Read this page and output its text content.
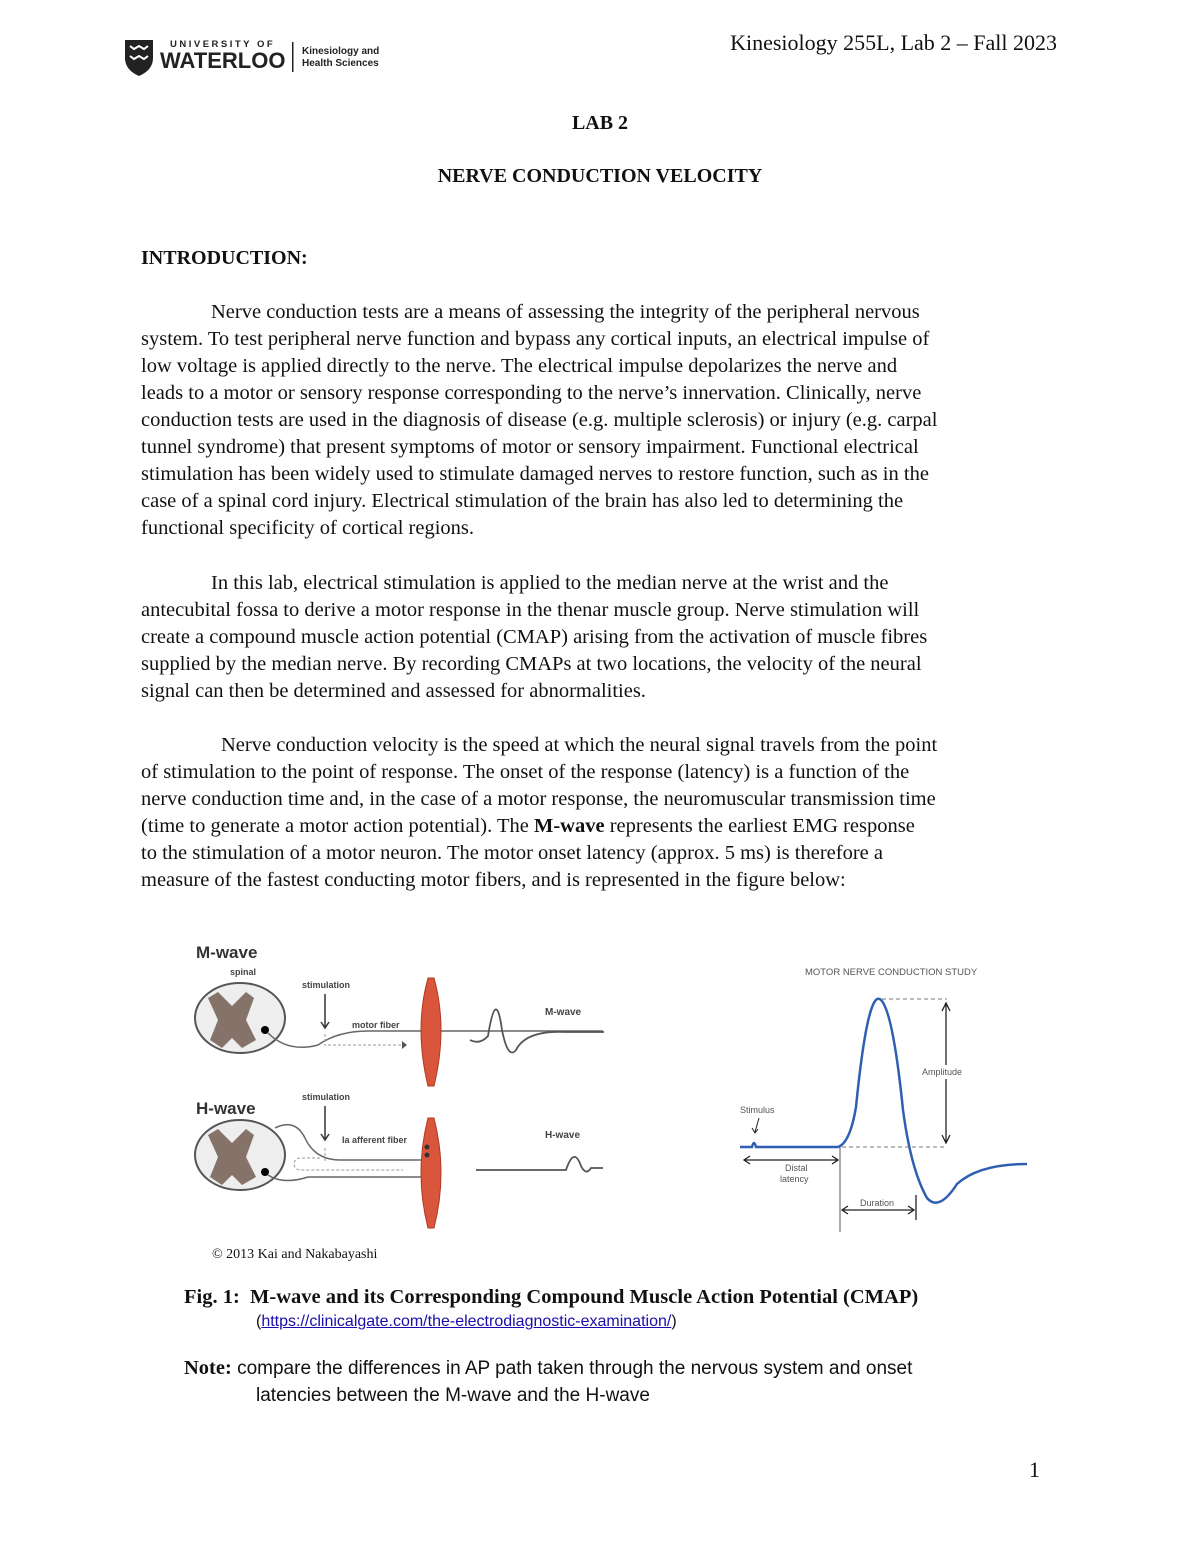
UNIVERSITY OF
WATERLOO Kinesiology and
Health Sciences
Kinesiology 255L, Lab 2 – Fall 2023
LAB 2
NERVE CONDUCTION VELOCITY
INTRODUCTION:
Nerve conduction tests are a means of assessing the integrity of the peripheral nervous
system. To test peripheral nerve function and bypass any cortical inputs, an electrical impulse of
low voltage is applied directly to the nerve. The electrical impulse depolarizes the nerve and
leads to a motor or sensory response corresponding to the nerve’s innervation. Clinically, nerve
conduction tests are used in the diagnosis of disease (e.g. multiple sclerosis) or injury (e.g. carpal
tunnel syndrome) that present symptoms of motor or sensory impairment. Functional electrical
stimulation has been widely used to stimulate damaged nerves to restore function, such as in the
case of a spinal cord injury. Electrical stimulation of the brain has also led to determining the
functional specificity of cortical regions.
In this lab, electrical stimulation is applied to the median nerve at the wrist and the
antecubital fossa to derive a motor response in the thenar muscle group. Nerve stimulation will
create a compound muscle action potential (CMAP) arising from the activation of muscle fibres
supplied by the median nerve. By recording CMAPs at two locations, the velocity of the neural
signal can then be determined and assessed for abnormalities.
Nerve conduction velocity is the speed at which the neural signal travels from the point
of stimulation to the point of response. The onset of the response (latency) is a function of the
nerve conduction time and, in the case of a motor response, the neuromuscular transmission time
(time to generate a motor action potential). The M-wave represents the earliest EMG response
to the stimulation of a motor neuron. The motor onset latency (approx. 5 ms) is therefore a
measure of the fastest conducting motor fibers, and is represented in the figure below:
M-wave
spinal
stimulation
motor fiber
M-wave
H-wave
stimulation
Ia afferent fiber	H-wave
© 2013 Kai and Nakabayashi
MOTOR NERVE CONDUCTION STUDY
Amplitude
Stimulus
Distal
latency
Duration
Fig. 1: M-wave and its Corresponding Compound Muscle Action Potential (CMAP)
(https://clinicalgate.com/the-electrodiagnostic-examination/)
Note: compare the differences in AP path taken through the nervous system and onset
latencies between the M-wave and the H-wave
1
